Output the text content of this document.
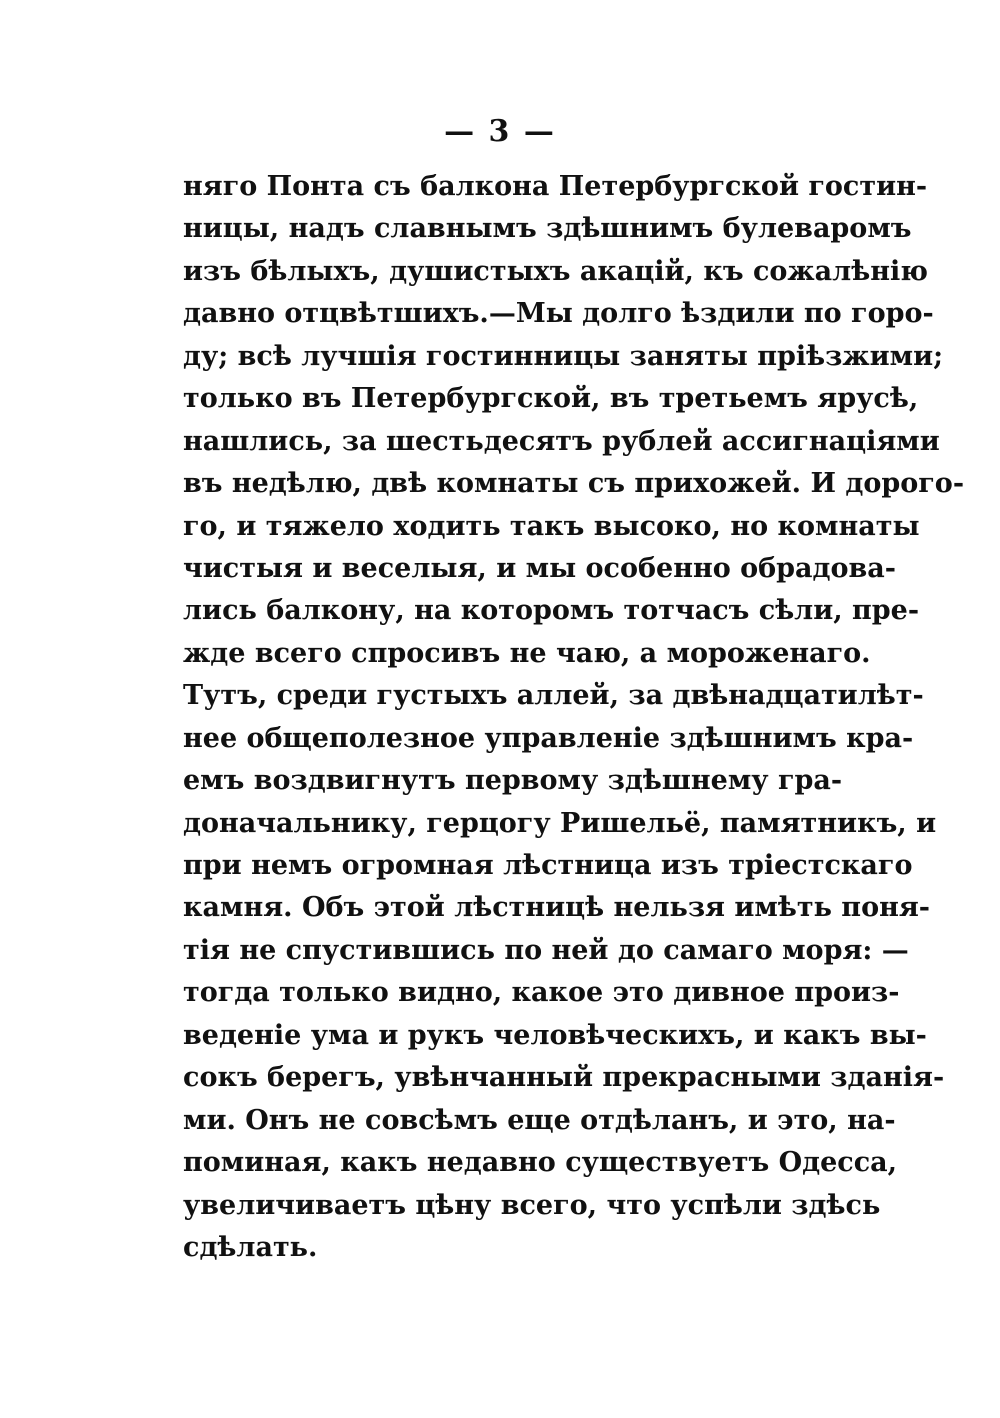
— 3 —
няго Понта съ балкона Петербургской гостин-
ницы, надъ славнымъ здѣшнимъ булеваромъ
изъ бѣлыхъ, душистыхъ акацій, къ сожалѣнію
давно отцвѣтшихъ.—Мы долго ѣздили по горо-
ду; всѣ лучшія гостинницы заняты пріѣзжими;
только въ Петербургской, въ третьемъ ярусѣ,
нашлись, за шестьдесятъ рублей ассигнаціями
въ недѣлю, двѣ комнаты съ прихожей. И дорого-
го, и тяжело ходить такъ высоко, но комнаты
чистыя и веселыя, и мы особенно обрадова-
лись балкону, на которомъ тотчасъ сѣли, пре-
жде всего спросивъ не чаю, а мороженаго.
Тутъ, среди густыхъ аллей, за двѣнадцатилѣт-
нее общеполезное управленіе здѣшнимъ кра-
емъ воздвигнутъ первому здѣшнему гра-
доначальнику, герцогу Ришельё, памятникъ, и
при немъ огромная лѣстница изъ тріестскаго
камня. Объ этой лѣстницѣ нельзя имѣть поня-
тія не спустившись по ней до самаго моря: —
тогда только видно, какое это дивное произ-
веденіе ума и рукъ человѣческихъ, и какъ вы-
сокъ берегъ, увѣнчанный прекрасными зданія-
ми. Онъ не совсѣмъ еще отдѣланъ, и это, на-
поминая, какъ недавно существуетъ Одесса,
увеличиваетъ цѣну всего, что успѣли здѣсь
сдѣлать.
